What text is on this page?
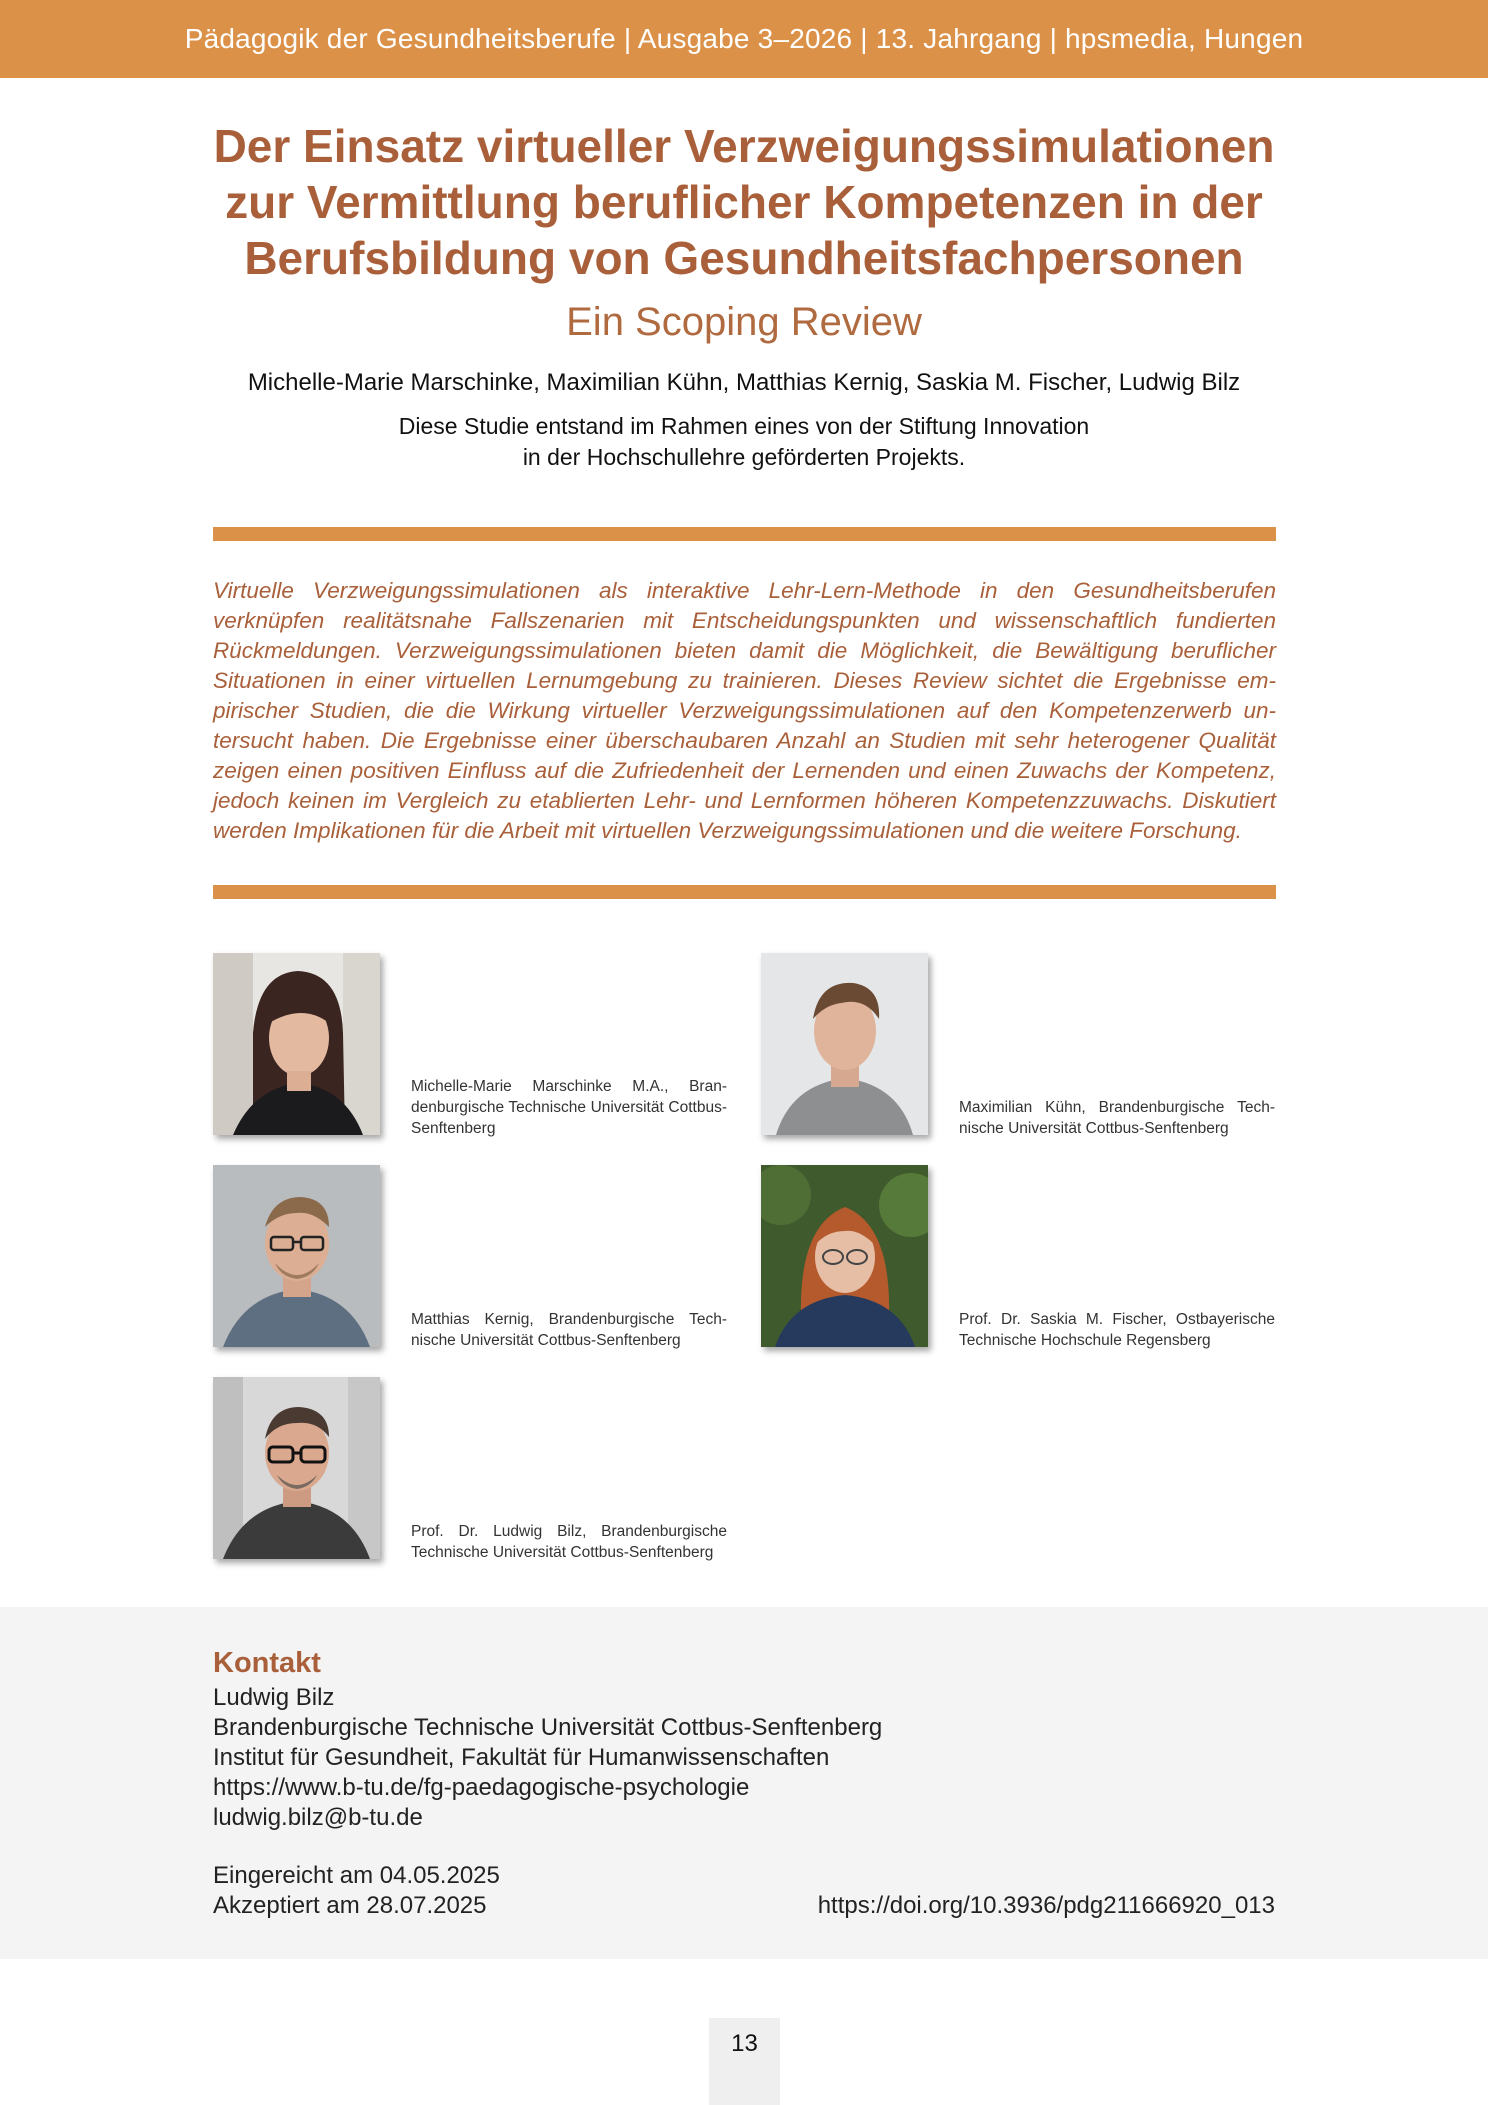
Pädagogik der Gesundheitsberufe | Ausgabe 3–2026 | 13. Jahrgang | hpsmedia, Hungen
Der Einsatz virtueller Verzweigungssimulationen
zur Vermittlung beruflicher Kompetenzen in der
Berufsbildung von Gesundheitsfachpersonen
Ein Scoping Review
Michelle-Marie Marschinke, Maximilian Kühn, Matthias Kernig, Saskia M. Fischer, Ludwig Bilz
Diese Studie entstand im Rahmen eines von der Stiftung Innovation
in der Hochschullehre geförderten Projekts.

Virtuelle Verzweigungssimulationen als interaktive Lehr-Lern-Methode in den Gesundheitsberufen verknüpfen realitätsnahe Fallszenarien mit Entscheidungspunkten und wissenschaftlich fundierten Rückmeldungen. Verzweigungssimulationen bieten damit die Möglichkeit, die Bewältigung beruflicher Situationen in einer virtuellen Lernumgebung zu trainieren. Dieses Review sichtet die Ergebnisse empirischer Studien, die die Wirkung virtueller Verzweigungssimulationen auf den Kompetenzerwerb untersucht haben. Die Ergebnisse einer überschaubaren Anzahl an Studien mit sehr heterogener Qualität zeigen einen positiven Einfluss auf die Zufriedenheit der Lernenden und einen Zuwachs der Kompetenz, jedoch keinen im Vergleich zu etablierten Lehr- und Lernformen höheren Kompetenzzuwachs. Diskutiert werden Implikationen für die Arbeit mit virtuellen Verzweigungssimulationen und die weitere Forschung.

Michelle-Marie Marschinke M.A., Brandenburgische Technische Universität Cottbus-Senftenberg
Maximilian Kühn, Brandenburgische Technische Universität Cottbus-Senftenberg
Matthias Kernig, Brandenburgische Technische Universität Cottbus-Senftenberg
Prof. Dr. Saskia M. Fischer, Ostbayerische Technische Hochschule Regensberg
Prof. Dr. Ludwig Bilz, Brandenburgische Technische Universität Cottbus-Senftenberg
Kontakt
Ludwig Bilz
Brandenburgische Technische Universität Cottbus-Senftenberg
Institut für Gesundheit, Fakultät für Humanwissenschaften
https://www.b-tu.de/fg-paedagogische-psychologie
ludwig.bilz@b-tu.de
Eingereicht am 04.05.2025
Akzeptiert am 28.07.2025	https://doi.org/10.3936/pdg211666920_013
13
